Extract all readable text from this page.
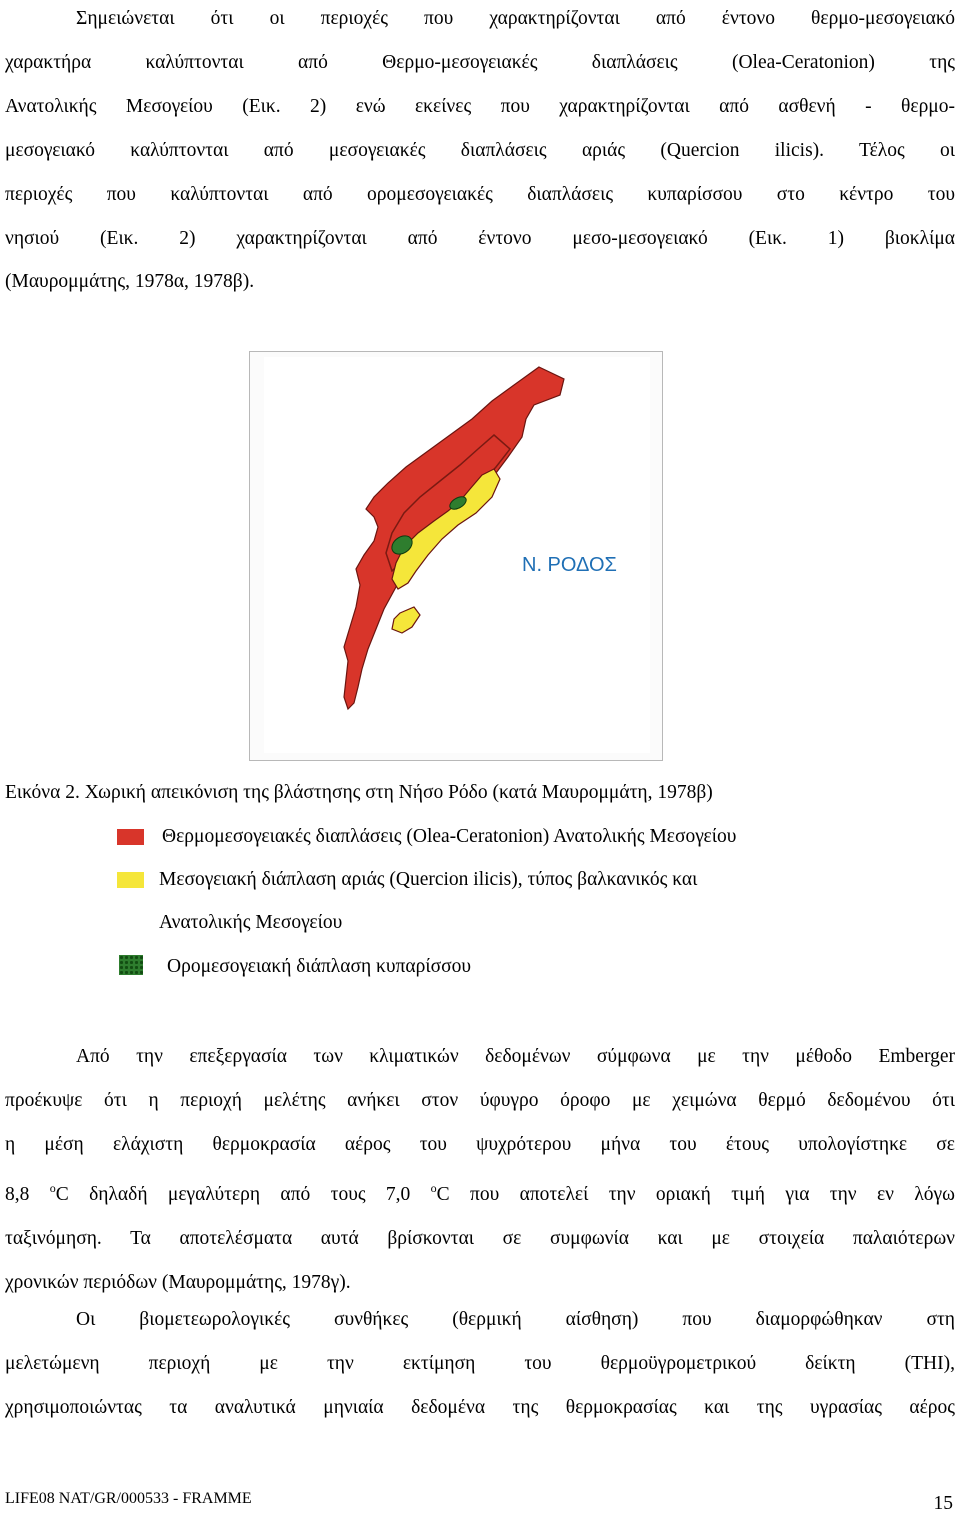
Σημειώνεται ότι οι περιοχές που χαρακτηρίζονται από έντονο θερμο-μεσογειακό
χαρακτήρα καλύπτονται από Θερμο-μεσογειακές διαπλάσεις (Olea-Ceratonion) της
Ανατολικής Μεσογείου (Εικ. 2) ενώ εκείνες που χαρακτηρίζονται από ασθενή - θερμο-
μεσογειακό καλύπτονται από μεσογειακές διαπλάσεις αριάς (Quercion ilicis). Τέλος οι
περιοχές που καλύπτονται από ορομεσογειακές διαπλάσεις κυπαρίσσου στο κέντρο του
νησιού (Εικ. 2) χαρακτηρίζονται από έντονο μεσο-μεσογειακό (Εικ. 1) βιοκλίμα
(Μαυρομμάτης, 1978α, 1978β).
Ν. ΡΟΔΟΣ
Εικόνα 2. Χωρική απεικόνιση της βλάστησης στη Νήσο Ρόδο (κατά Μαυρομμάτη, 1978β)
Θερμομεσογειακές διαπλάσεις (Olea-Ceratonion) Ανατολικής Μεσογείου
Μεσογειακή διάπλαση αριάς (Quercion ilicis), τύπος βαλκανικός και
Ανατολικής Μεσογείου
Ορομεσογειακή διάπλαση κυπαρίσσου
Από την επεξεργασία των κλιματικών δεδομένων σύμφωνα με την μέθοδο Emberger
προέκυψε ότι η περιοχή μελέτης ανήκει στον ύφυγρο όροφο με χειμώνα θερμό δεδομένου ότι
η μέση ελάχιστη θερμοκρασία αέρος του ψυχρότερου μήνα του έτους υπολογίστηκε σε
8,8 $^o$C δηλαδή μεγαλύτερη από τους 7,0 $^o$C που αποτελεί την οριακή τιμή για την εν λόγω
ταξινόμηση. Τα αποτελέσματα αυτά βρίσκονται σε συμφωνία και με στοιχεία παλαιότερων
χρονικών περιόδων (Μαυρομμάτης, 1978γ).
Οι βιομετεωρολογικές συνθήκες (θερμική αίσθηση) που διαμορφώθηκαν στη
μελετώμενη περιοχή με την εκτίμηση του θερμοϋγρομετρικού δείκτη (ΤΗΙ),
χρησιμοποιώντας τα αναλυτικά μηνιαία δεδομένα της θερμοκρασίας και της υγρασίας αέρος
LIFE08 NAT/GR/000533 - FRAMME	15
